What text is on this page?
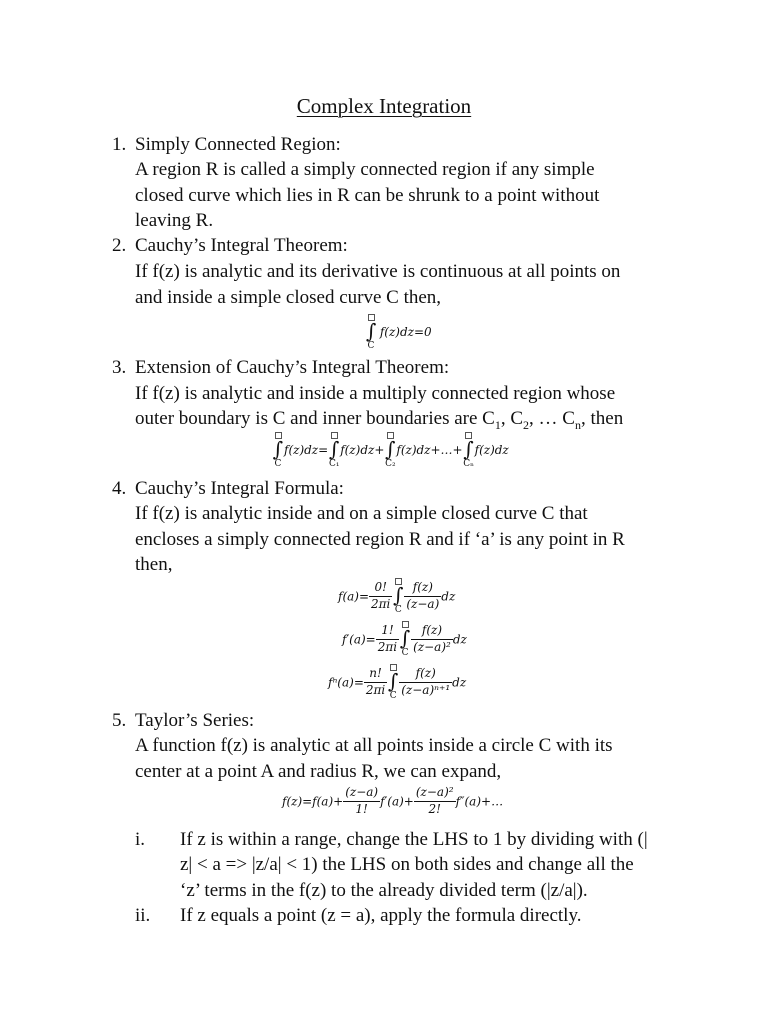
Complex Integration
1. Simply Connected Region:
A region R is called a simply connected region if any simple
closed curve which lies in R can be shrunk to a point without
leaving R.
2. Cauchy’s Integral Theorem:
If f(z) is analytic and its derivative is continuous at all points on
and inside a simple closed curve C then,
∫
C
f(z)dz=0
3. Extension of Cauchy’s Integral Theorem:
If f(z) is analytic and inside a multiply connected region whose
outer boundary is C and inner boundaries are $C_1$, $C_2$, … $C_n$, then
∫
C
f(z)dz= ∫
C₁
f(z)dz+ ∫
C₂
f(z)dz+…+ ∫
Cₙ
f(z)dz
4. Cauchy’s Integral Formula:
If f(z) is analytic inside and on a simple closed curve C that
encloses a simply connected region R and if ‘a’ is any point in R
then,
$f(a)= \frac{0!}{2\pi i}$ ∫
C $\frac{f(z)}{(z-a)}$ dz
$f'(a)= \frac{1!}{2\pi i}$ ∫
C $\frac{f(z)}{\text{(z−a)²}}$ dz
$f^n(a)= \frac{n!}{2\pi i}$ ∫
C $\frac{f(z)}{\text{(z−a)ⁿ⁺¹}}$ dz
5. Taylor’s Series:
A function f(z) is analytic at all points inside a circle C with its
center at a point A and radius R, we can expand,
$f(z)=f(a)+ \frac{(z-a)}{1!} f'(a)+ \frac{\text{(z−a)²}}{2!}$ f″(a)+…
i. If z is within a range, change the LHS to 1 by dividing with (|
z| < a => |z/a| < 1) the LHS on both sides and change all the
‘z’ terms in the f(z) to the already divided term (|z/a|).
ii. If z equals a point (z = a), apply the formula directly.
